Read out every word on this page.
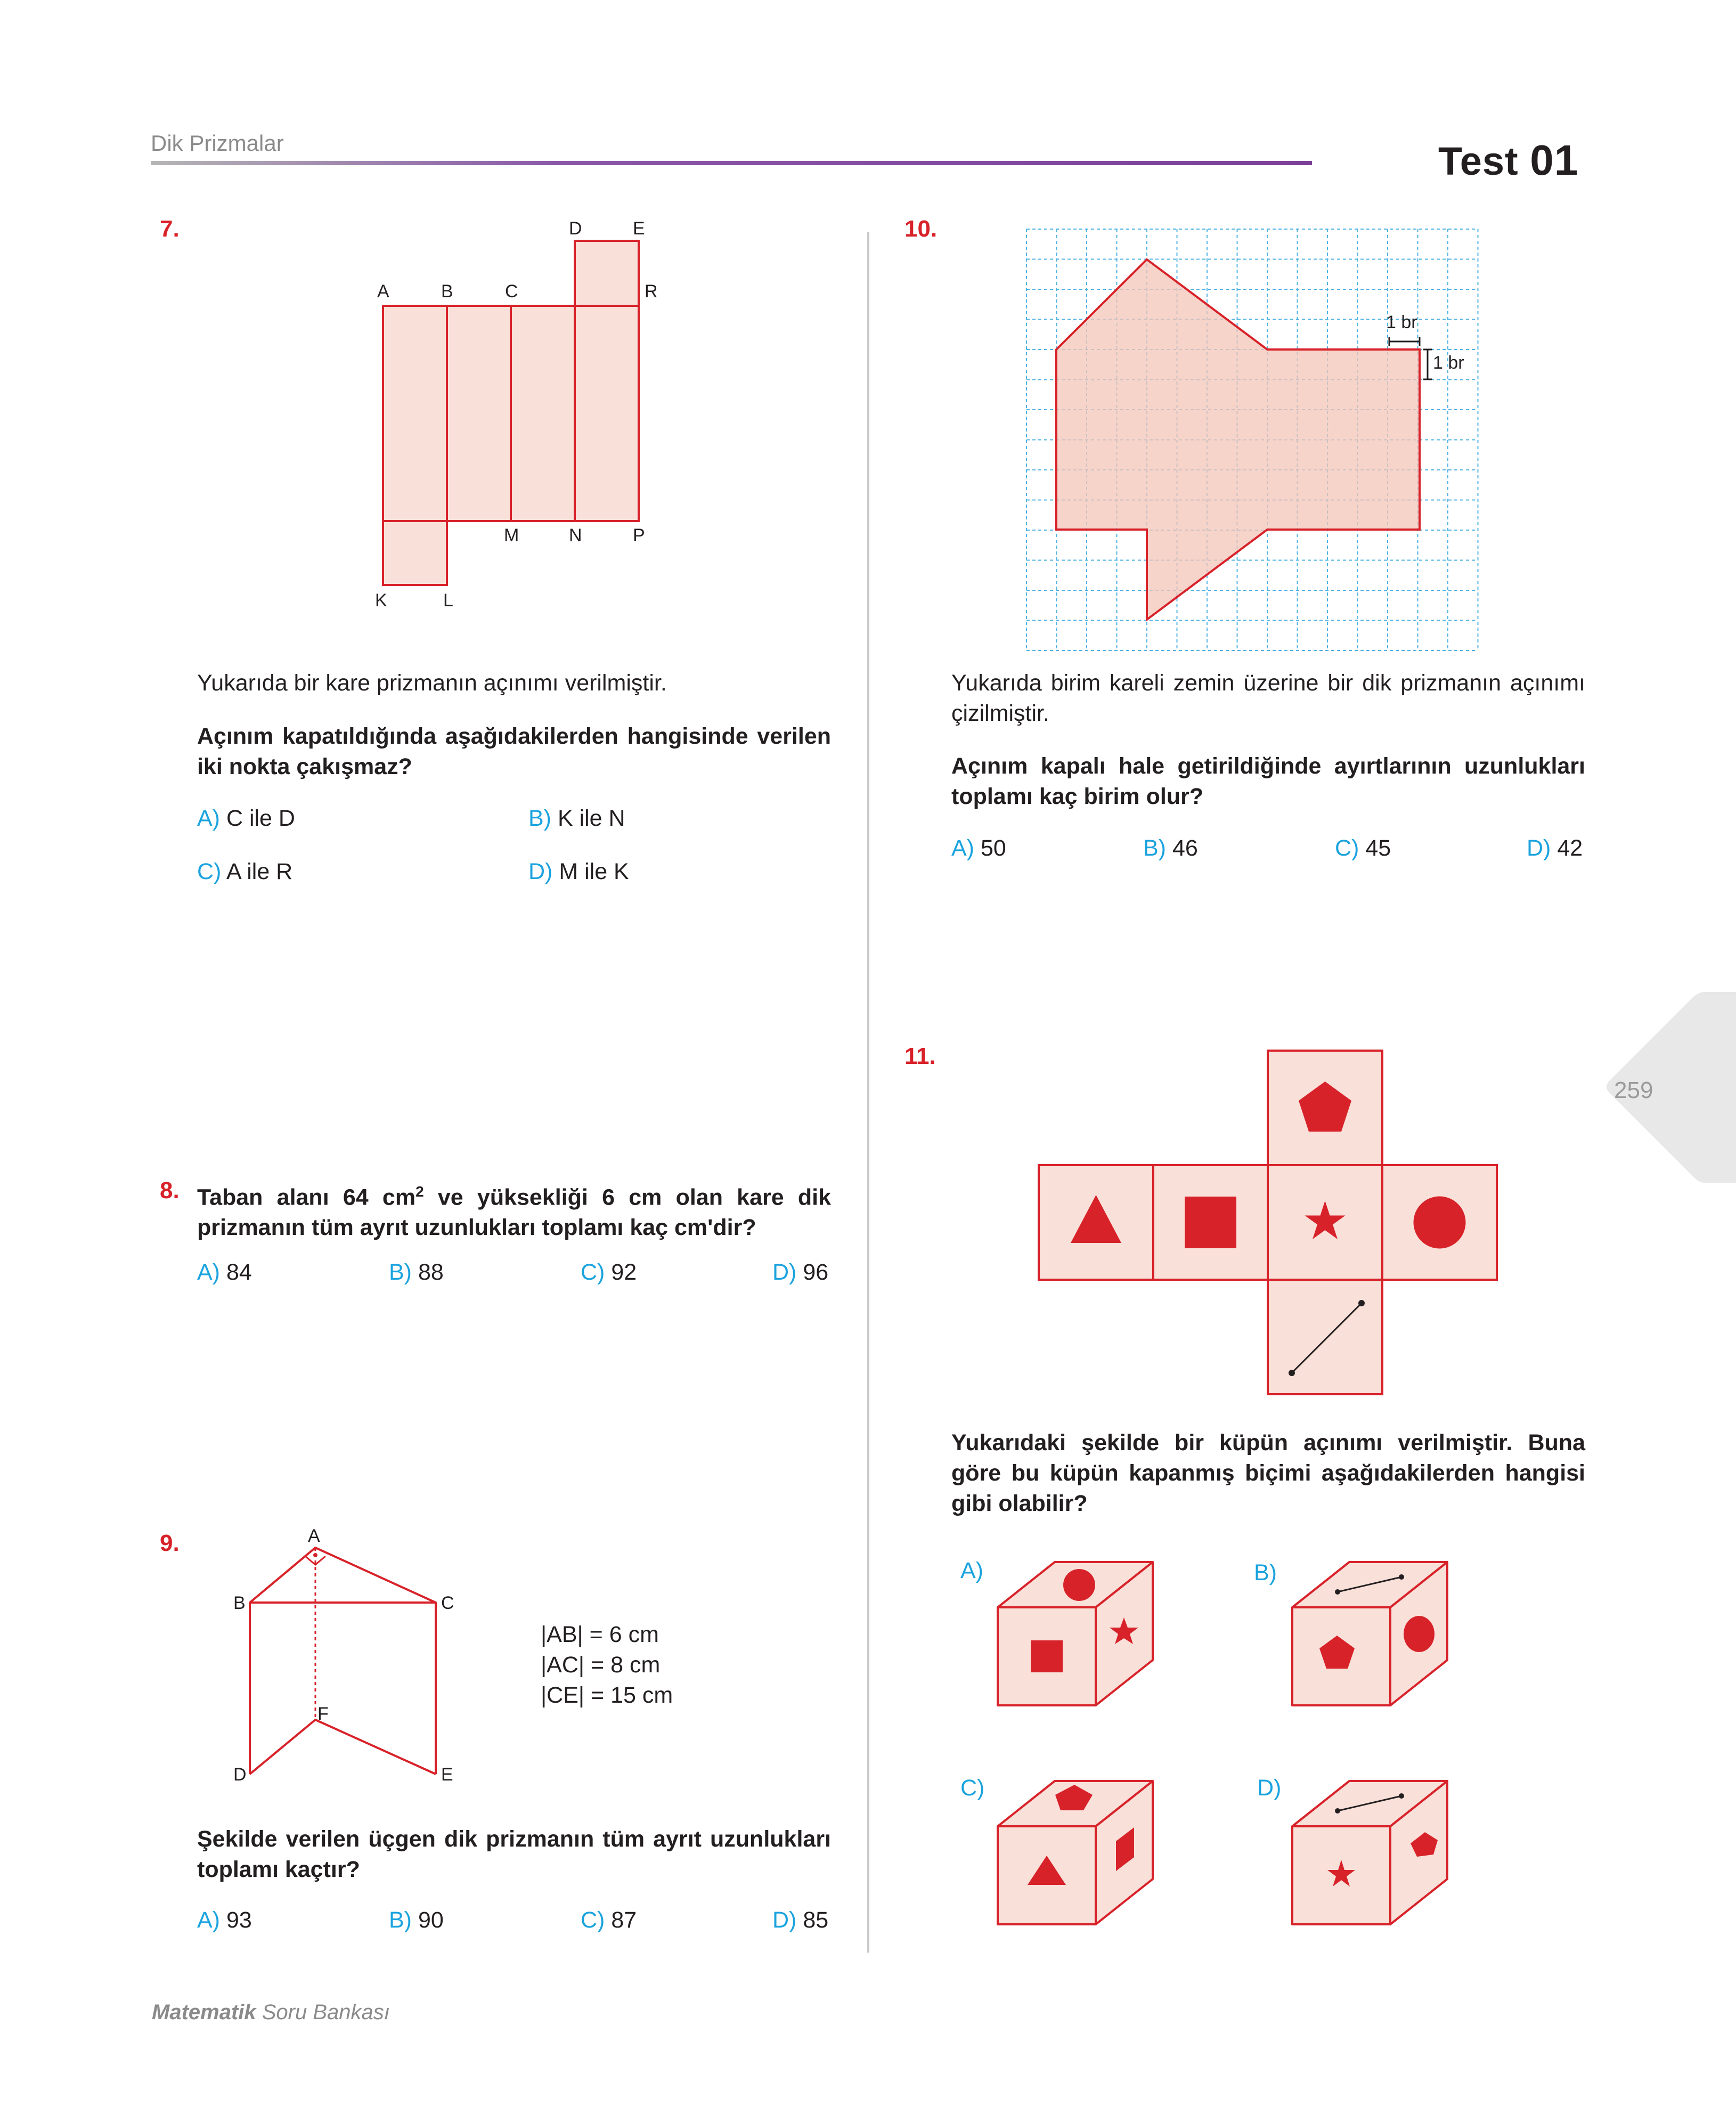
Dik Prizmalar	Test 01
7.	D	E
A	B	C	R
M	N	P
K	L
Yukarıda bir kare prizmanın açınımı verilmiştir.
Açınım kapatıldığında aşağıdakilerden hangisinde verilen iki nokta çakışmaz?
A) C ile D	B) K ile N
C) A ile R	D) M ile K
8. Taban alanı 64 $cm^2$ ve yüksekliği 6 cm olan kare dik prizmanın tüm ayrıt uzunlukları toplamı kaç cm'dir?
A) 84	B) 88	C) 92	D) 96
9.	A
B	C
F
D	E
|AB| = 6 cm
|AC| = 8 cm
|CE| = 15 cm
Şekilde verilen üçgen dik prizmanın tüm ayrıt uzunlukları toplamı kaçtır?
A) 93	B) 90	C) 87	D) 85
10.
1 br
1 br
Yukarıda birim kareli zemin üzerine bir dik prizmanın açınımı çizilmiştir.
Açınım kapalı hale getirildiğinde ayırtlarının uzunlukları toplamı kaç birim olur?
A) 50	B) 46	C) 45	D) 42
259
11.
Yukarıdaki şekilde bir küpün açınımı verilmiştir. Buna göre bu küpün kapanmış biçimi aşağıdakilerden hangisi gibi olabilir?
A)	B)
C)	D)
Matematik Soru Bankası
